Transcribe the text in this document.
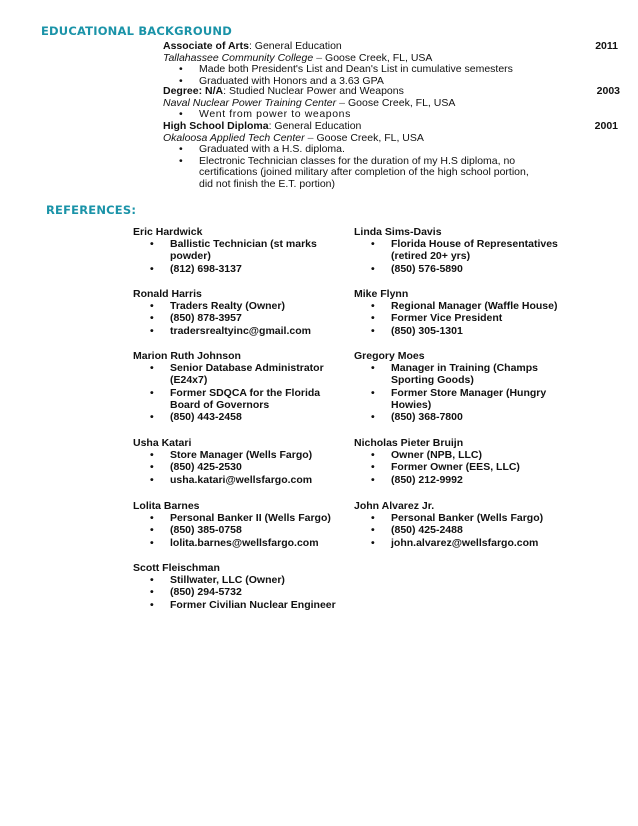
EDUCATIONAL BACKGROUND
Associate of Arts: General Education	2011
Tallahassee Community College – Goose Creek, FL, USA
• Made both President's List and Dean's List in cumulative semesters
• Graduated with Honors and a 3.63 GPA
Degree: N/A: Studied Nuclear Power and Weapons	2003
Naval Nuclear Power Training Center – Goose Creek, FL, USA
• Went from power to weapons
High School Diploma: General Education	2001
Okaloosa Applied Tech Center – Goose Creek, FL, USA
• Graduated with a H.S. diploma.
• Electronic Technician classes for the duration of my H.S diploma, no certifications (joined military after completion of the high school portion, did not finish the E.T. portion)
REFERENCES:
Eric Hardwick
• Ballistic Technician (st marks powder)
• (812) 698-3137
Linda Sims-Davis
• Florida House of Representatives (retired 20+ yrs)
• (850) 576-5890
Ronald Harris
• Traders Realty (Owner)
• (850) 878-3957
• tradersrealtyinc@gmail.com
Mike Flynn
• Regional Manager (Waffle House)
• Former Vice President
• (850) 305-1301
Marion Ruth Johnson
• Senior Database Administrator (E24x7)
• Former SDQCA for the Florida Board of Governors
• (850) 443-2458
Gregory Moes
• Manager in Training (Champs Sporting Goods)
• Former Store Manager (Hungry Howies)
• (850) 368-7800
Usha Katari
• Store Manager (Wells Fargo)
• (850) 425-2530
• usha.katari@wellsfargo.com
Nicholas Pieter Bruijn
• Owner (NPB, LLC)
• Former Owner (EES, LLC)
• (850) 212-9992
Lolita Barnes
• Personal Banker II (Wells Fargo)
• (850) 385-0758
• lolita.barnes@wellsfargo.com
John Alvarez Jr.
• Personal Banker (Wells Fargo)
• (850) 425-2488
• john.alvarez@wellsfargo.com
Scott Fleischman
• Stillwater, LLC (Owner)
• (850) 294-5732
• Former Civilian Nuclear Engineer
